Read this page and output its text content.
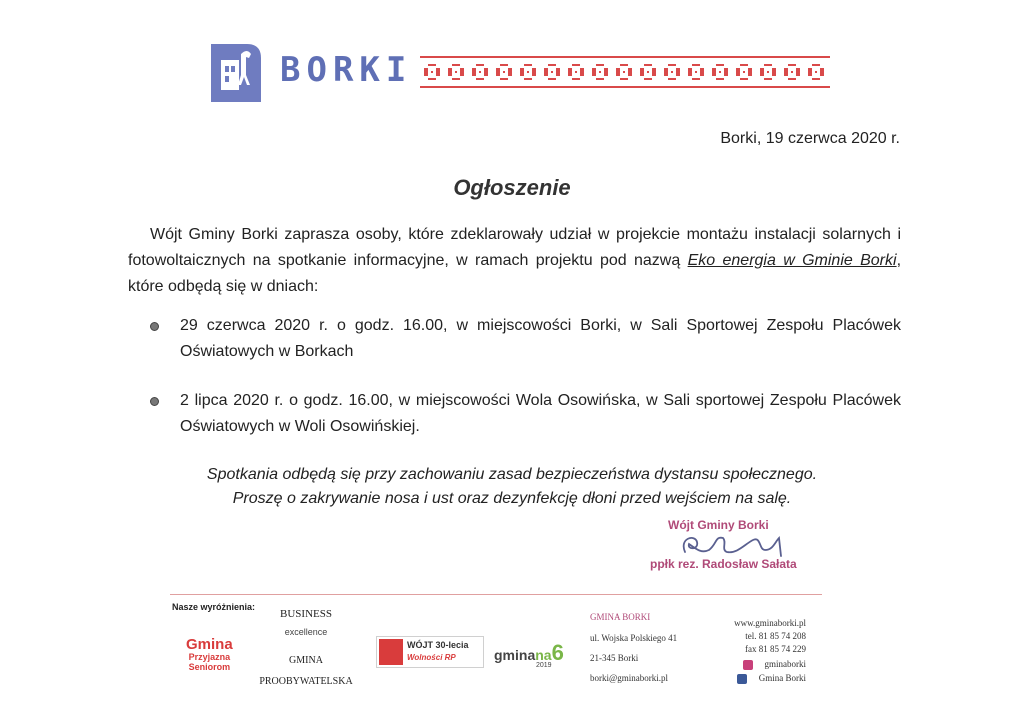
BORKI
Borki, 19 czerwca 2020 r.
Ogłoszenie
Wójt Gminy Borki zaprasza osoby, które zdeklarowały udział w projekcie montażu instalacji solarnych i fotowoltaicznych na spotkanie informacyjne, w ramach projektu pod nazwą Eko energia w Gminie Borki, które odbędą się w dniach:
29 czerwca 2020 r. o godz. 16.00, w miejscowości Borki, w Sali Sportowej Zespołu Placówek Oświatowych w Borkach
2 lipca 2020 r. o godz. 16.00, w miejscowości Wola Osowińska, w Sali sportowej Zespołu Placówek Oświatowych w Woli Osowińskiej.
Spotkania odbędą się przy zachowaniu zasad bezpieczeństwa dystansu społecznego.
Proszę o zakrywanie nosa i ust oraz dezynfekcję dłoni przed wejściem na salę.
Wójt Gminy Borki
ppłk rez. Radosław Sałata
Nasze wyróżnienia:
Gmina
Przyjazna
Seniorom
BUSINESS
excellence
GMINA
PROOBYWATELSKA
WÓJT 30-lecia
Wolności RP	gminana6
2019
GMINA BORKI
ul. Wojska Polskiego 41
21-345 Borki
borki@gminaborki.pl
www.gminaborki.pl
tel. 81 85 74 208
fax 81 85 74 229
gminaborki
Gmina Borki
